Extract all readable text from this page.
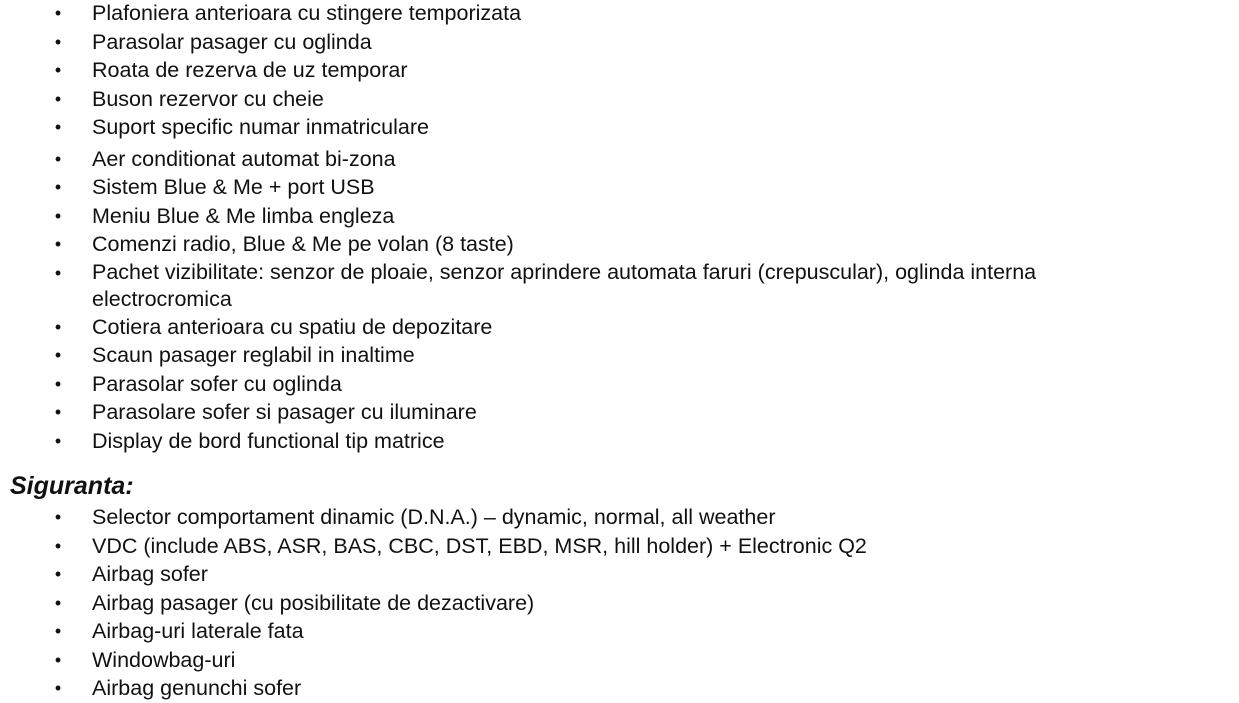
•	Plafoniera anterioara cu stingere temporizata
•	Parasolar pasager cu oglinda
•	Roata de rezerva de uz temporar
•	Buson rezervor cu cheie
•	Suport specific numar inmatriculare
•	Aer conditionat automat bi-zona
•	Sistem Blue & Me + port USB
•	Meniu Blue & Me limba engleza
•	Comenzi radio, Blue & Me pe volan (8 taste)
•	Pachet vizibilitate: senzor de ploaie, senzor aprindere automata faruri (crepuscular), oglinda interna electrocromica
•	Cotiera anterioara cu spatiu de depozitare
•	Scaun pasager reglabil in inaltime
•	Parasolar sofer cu oglinda
•	Parasolare sofer si pasager cu iluminare
•	Display de bord functional tip matrice
Siguranta:
•	Selector comportament dinamic (D.N.A.) – dynamic, normal, all weather
•	VDC (include ABS, ASR, BAS, CBC, DST, EBD, MSR, hill holder) + Electronic Q2
•	Airbag sofer
•	Airbag pasager (cu posibilitate de dezactivare)
•	Airbag-uri laterale fata
•	Windowbag-uri
•	Airbag genunchi sofer
